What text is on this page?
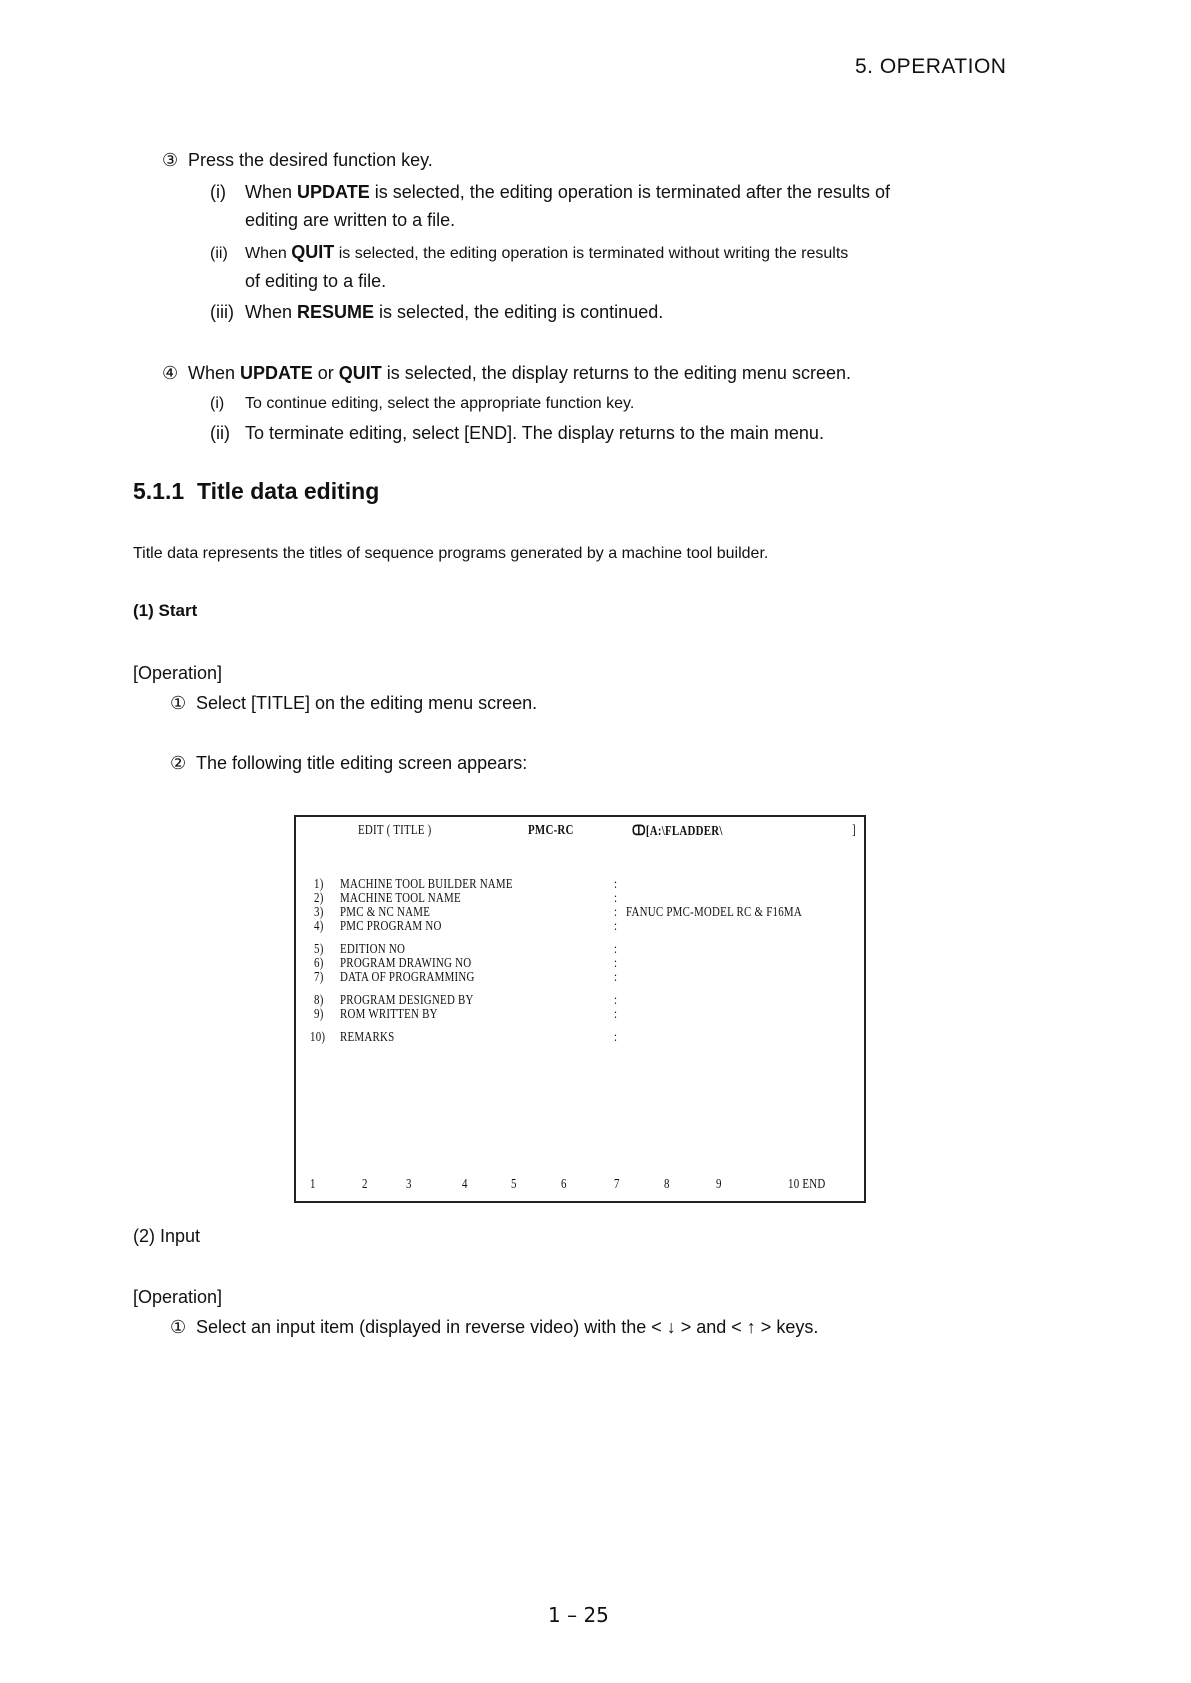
5. OPERATION
③ Press the desired function key.
(i) When UPDATE is selected, the editing operation is terminated after the results of
editing are written to a file.
(ii) When QUIT is selected, the editing operation is terminated without writing the results
of editing to a file.
(iii) When RESUME is selected, the editing is continued.
④ When UPDATE or QUIT is selected, the display returns to the editing menu screen.
(i) To continue editing, select the appropriate function key.
(ii) To terminate editing, select [END]. The display returns to the main menu.
5.1.1 Title data editing
Title data represents the titles of sequence programs generated by a machine tool builder.
(1) Start
[Operation]
① Select [TITLE] on the editing menu screen.
② The following title editing screen appears:
EDIT ( TITLE )	PMC-RC	ↀ[A:\FLADDER\	]
1) MACHINE TOOL BUILDER NAME	:
2) MACHINE TOOL NAME	:
3) PMC & NC NAME	: FANUC PMC-MODEL RC & F16MA
4) PMC PROGRAM NO	:
5) EDITION NO	:
6) PROGRAM DRAWING NO	:
7) DATA OF PROGRAMMING	:
8) PROGRAM DESIGNED BY	:
9) ROM WRITTEN BY	:
10) REMARKS	:
1	2	3	4	5	6	7	8	9	10 END
(2) Input
[Operation]
① Select an input item (displayed in reverse video) with the < ↓ > and < ↑ > keys.
1 – 25
